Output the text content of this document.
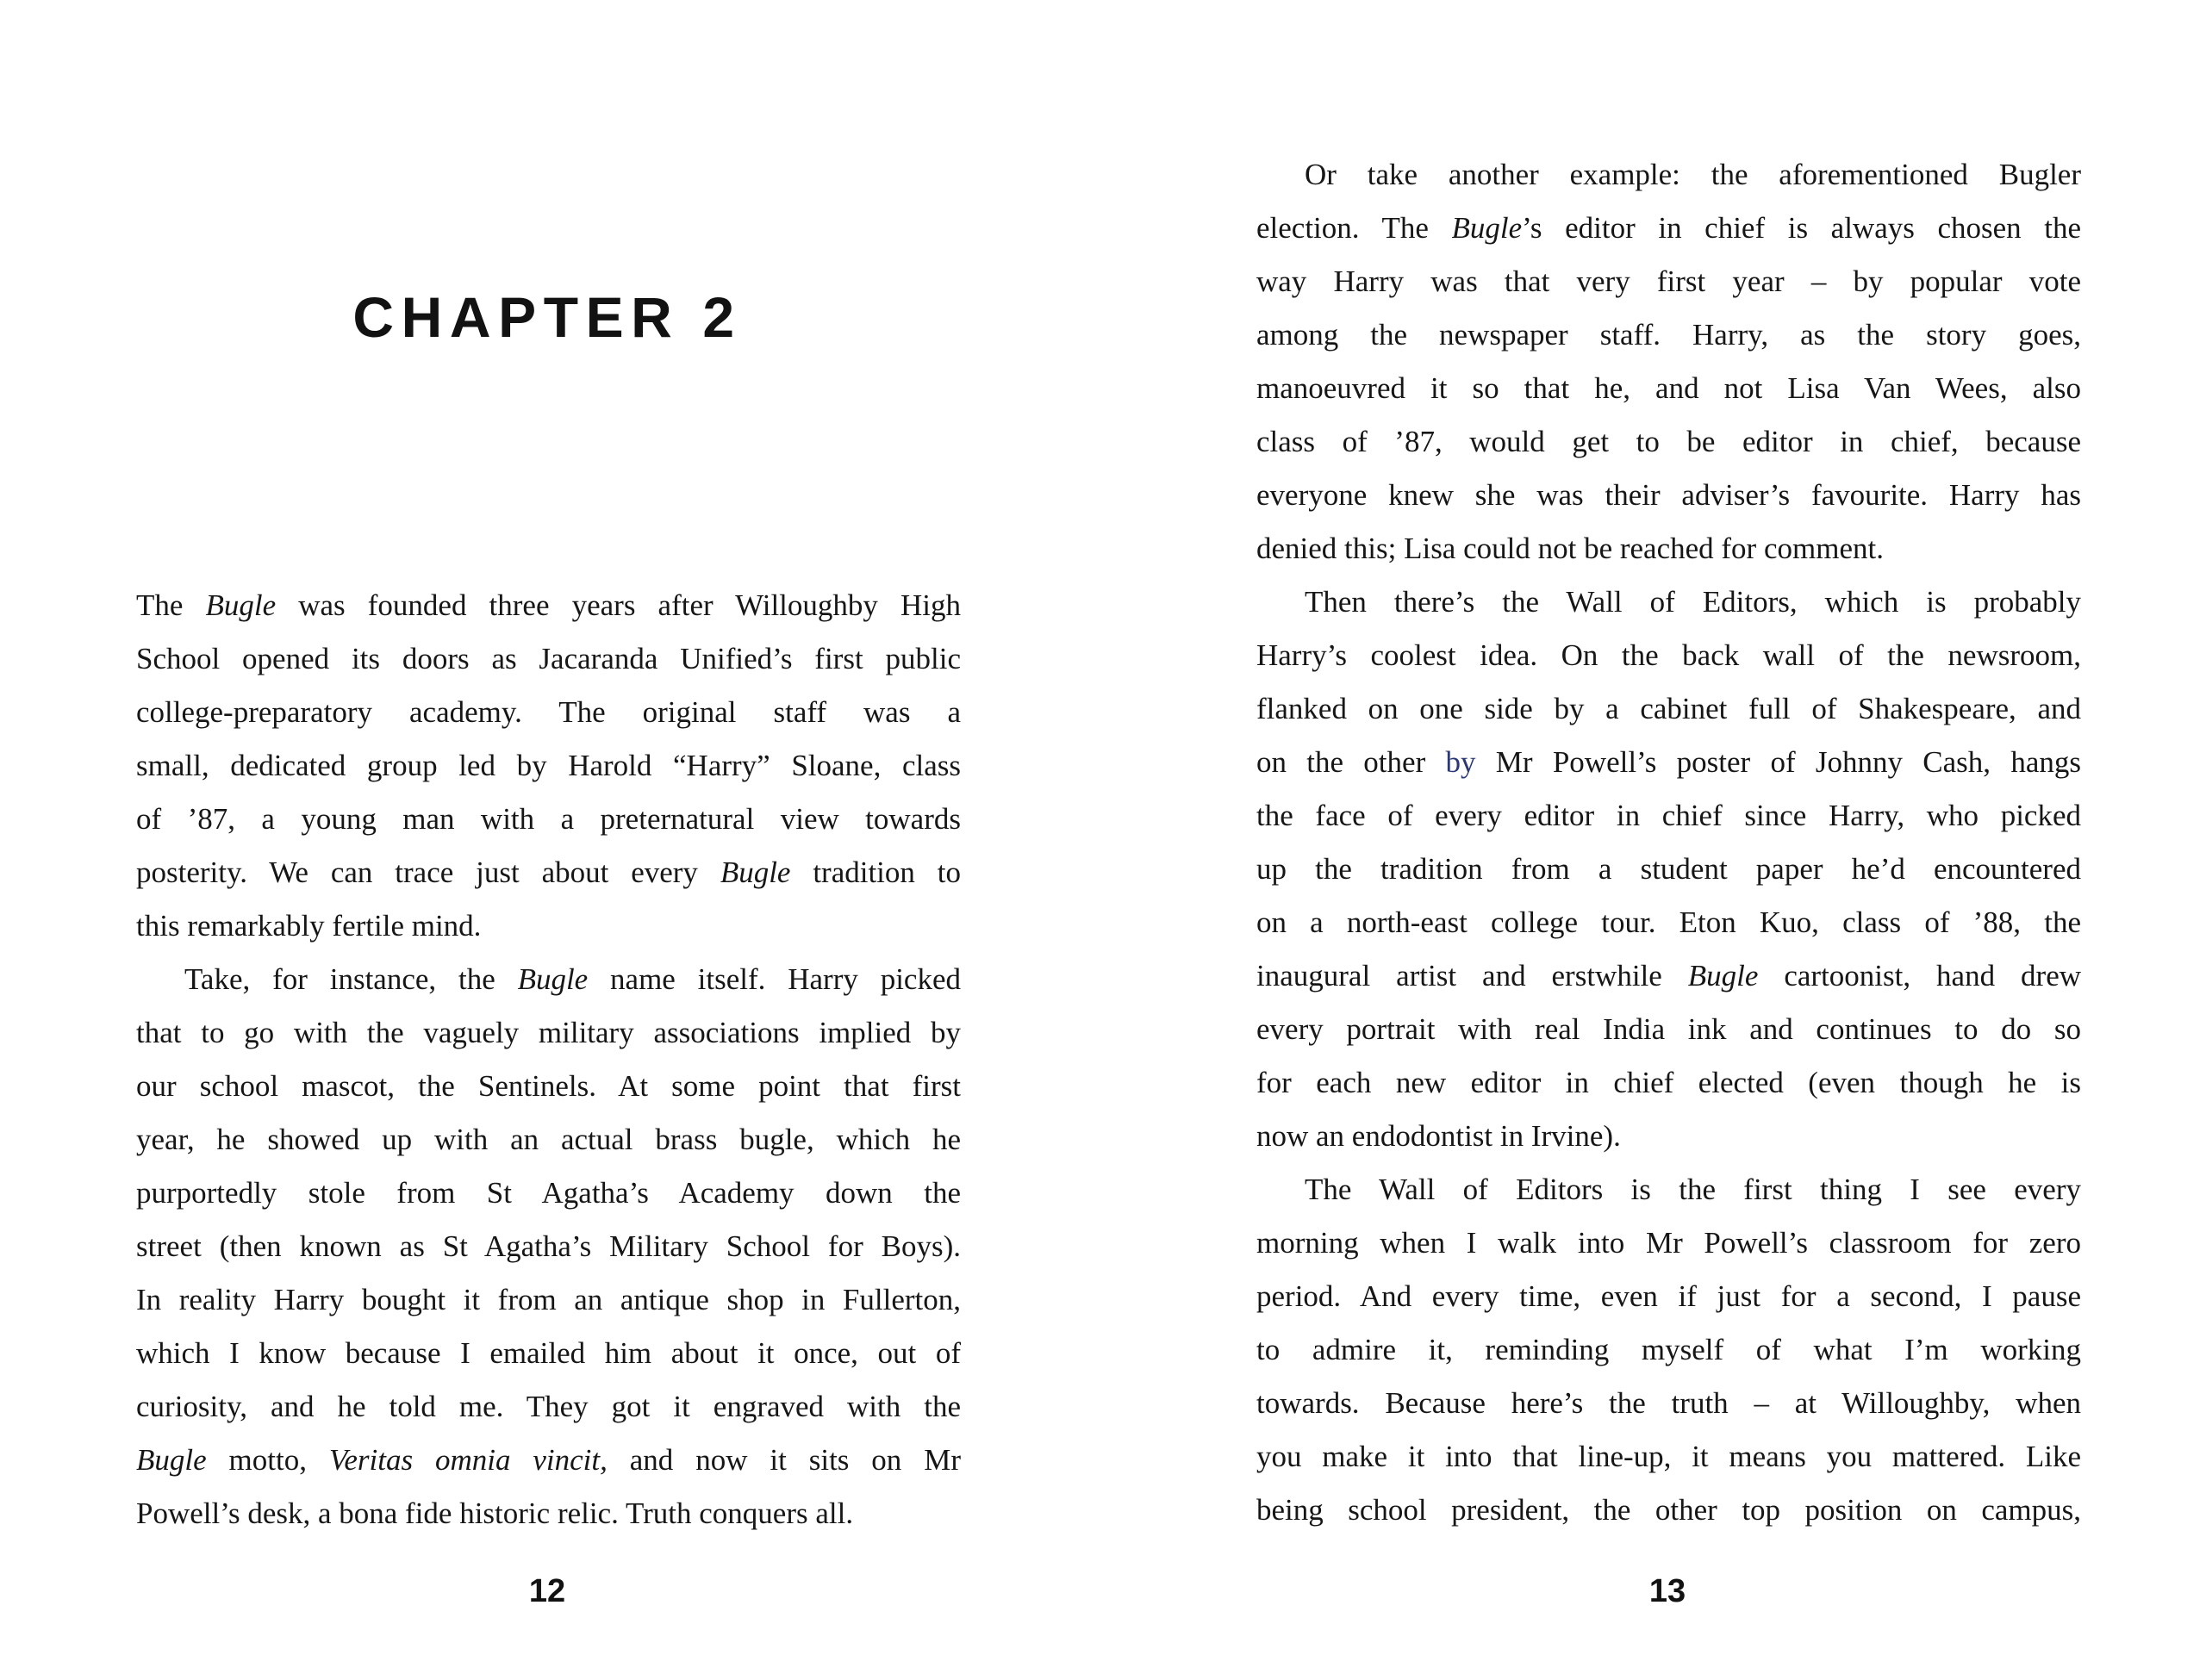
CHAPTER 2
The Bugle was founded three years after Willoughby High
School opened its doors as Jacaranda Unified’s first public
college-preparatory academy. The original staff was a
small, dedicated group led by Harold “Harry” Sloane, class
of ’87, a young man with a preternatural view towards
posterity. We can trace just about every Bugle tradition to
this remarkably fertile mind.
Take, for instance, the Bugle name itself. Harry picked
that to go with the vaguely military associations implied by
our school mascot, the Sentinels. At some point that first
year, he showed up with an actual brass bugle, which he
purportedly stole from St Agatha’s Academy down the
street (then known as St Agatha’s Military School for Boys).
In reality Harry bought it from an antique shop in Fullerton,
which I know because I emailed him about it once, out of
curiosity, and he told me. They got it engraved with the
Bugle motto, Veritas omnia vincit, and now it sits on Mr
Powell’s desk, a bona fide historic relic. Truth conquers all.
12
Or take another example: the aforementioned Bugler
election. The Bugle’s editor in chief is always chosen the
way Harry was that very first year – by popular vote
among the newspaper staff. Harry, as the story goes,
manoeuvred it so that he, and not Lisa Van Wees, also
class of ’87, would get to be editor in chief, because
everyone knew she was their adviser’s favourite. Harry has
denied this; Lisa could not be reached for comment.
Then there’s the Wall of Editors, which is probably
Harry’s coolest idea. On the back wall of the newsroom,
flanked on one side by a cabinet full of Shakespeare, and
on the other by Mr Powell’s poster of Johnny Cash, hangs
the face of every editor in chief since Harry, who picked
up the tradition from a student paper he’d encountered
on a north-east college tour. Eton Kuo, class of ’88, the
inaugural artist and erstwhile Bugle cartoonist, hand drew
every portrait with real India ink and continues to do so
for each new editor in chief elected (even though he is
now an endodontist in Irvine).
The Wall of Editors is the first thing I see every
morning when I walk into Mr Powell’s classroom for zero
period. And every time, even if just for a second, I pause
to admire it, reminding myself of what I’m working
towards. Because here’s the truth – at Willoughby, when
you make it into that line-up, it means you mattered. Like
being school president, the other top position on campus,
13
